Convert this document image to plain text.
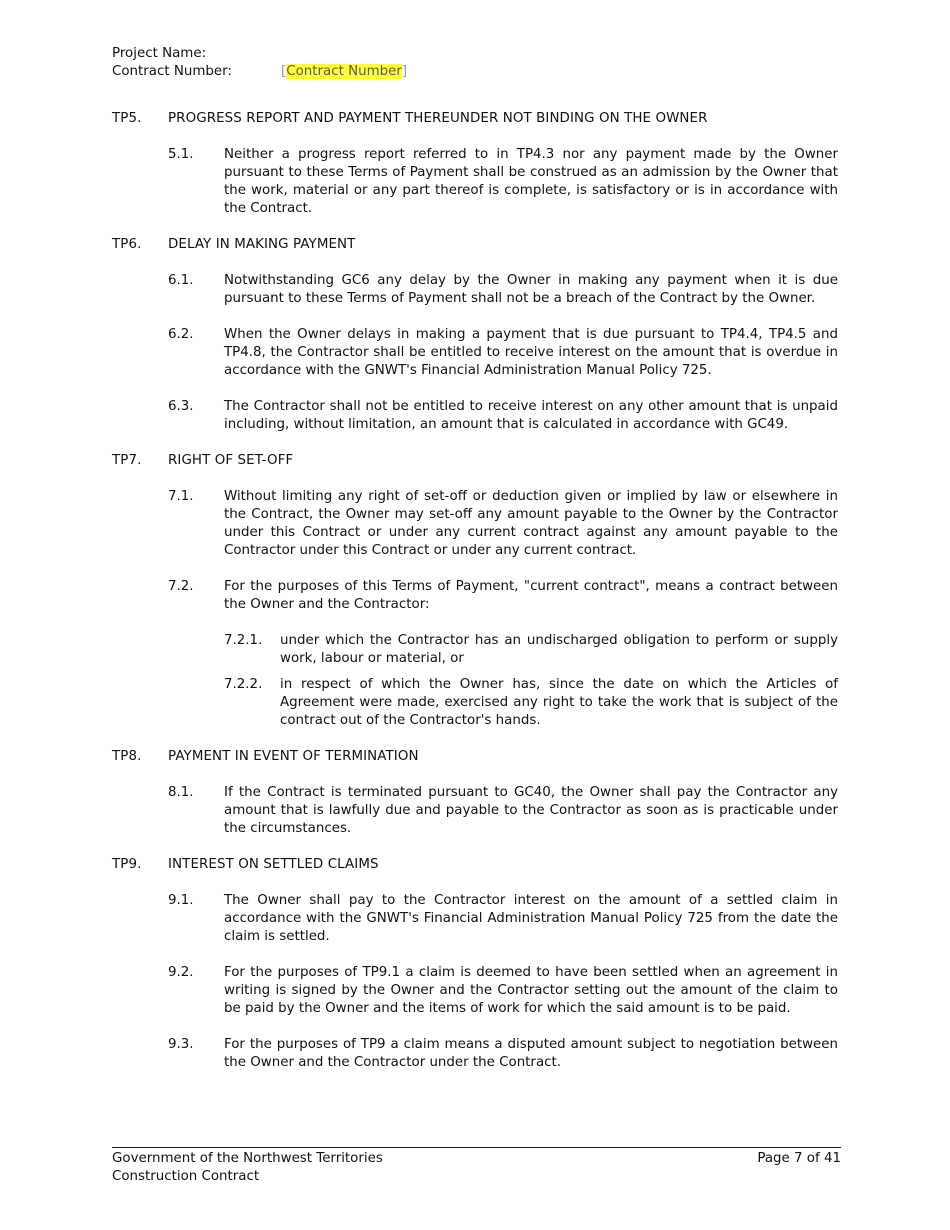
Project Name:
Contract Number:	[Contract Number]
TP5.	PROGRESS REPORT AND PAYMENT THEREUNDER NOT BINDING ON THE OWNER
5.1.	Neither a progress report referred to in TP4.3 nor any payment made by the Owner pursuant to these Terms of Payment shall be construed as an admission by the Owner that the work, material or any part thereof is complete, is satisfactory or is in accordance with the Contract.
TP6.	DELAY IN MAKING PAYMENT
6.1.	Notwithstanding GC6 any delay by the Owner in making any payment when it is due pursuant to these Terms of Payment shall not be a breach of the Contract by the Owner.
6.2.	When the Owner delays in making a payment that is due pursuant to TP4.4, TP4.5 and TP4.8, the Contractor shall be entitled to receive interest on the amount that is overdue in accordance with the GNWT's Financial Administration Manual Policy 725.
6.3.	The Contractor shall not be entitled to receive interest on any other amount that is unpaid including, without limitation, an amount that is calculated in accordance with GC49.
TP7.	RIGHT OF SET-OFF
7.1.	Without limiting any right of set-off or deduction given or implied by law or elsewhere in the Contract, the Owner may set-off any amount payable to the Owner by the Contractor under this Contract or under any current contract against any amount payable to the Contractor under this Contract or under any current contract.
7.2.	For the purposes of this Terms of Payment, "current contract", means a contract between the Owner and the Contractor:
7.2.1.	under which the Contractor has an undischarged obligation to perform or supply work, labour or material, or
7.2.2.	in respect of which the Owner has, since the date on which the Articles of Agreement were made, exercised any right to take the work that is subject of the contract out of the Contractor's hands.
TP8.	PAYMENT IN EVENT OF TERMINATION
8.1.	If the Contract is terminated pursuant to GC40, the Owner shall pay the Contractor any amount that is lawfully due and payable to the Contractor as soon as is practicable under the circumstances.
TP9.	INTEREST ON SETTLED CLAIMS
9.1.	The Owner shall pay to the Contractor interest on the amount of a settled claim in accordance with the GNWT's Financial Administration Manual Policy 725 from the date the claim is settled.
9.2.	For the purposes of TP9.1 a claim is deemed to have been settled when an agreement in writing is signed by the Owner and the Contractor setting out the amount of the claim to be paid by the Owner and the items of work for which the said amount is to be paid.
9.3.	For the purposes of TP9 a claim means a disputed amount subject to negotiation between the Owner and the Contractor under the Contract.
Government of the Northwest Territories	Page 7 of 41
Construction Contract
